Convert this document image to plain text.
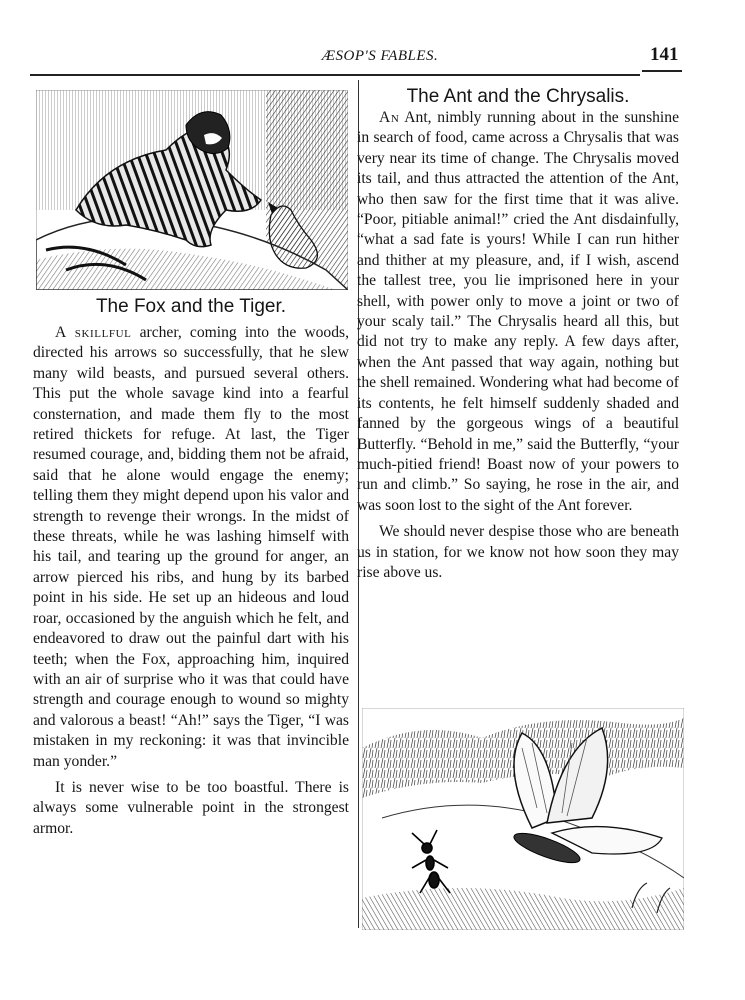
ÆSOP'S FABLES.	141
The Fox and the Tiger.

A skillful archer, coming into the woods, directed his arrows so successfully, that he slew many wild beasts, and pursued several others. This put the whole savage kind into a fearful consternation, and made them fly to the most retired thickets for refuge. At last, the Tiger resumed courage, and, bidding them not be afraid, said that he alone would engage the enemy; telling them they might depend upon his valor and strength to revenge their wrongs. In the midst of these threats, while he was lashing himself with his tail, and tearing up the ground for anger, an arrow pierced his ribs, and hung by its barbed point in his side. He set up an hideous and loud roar, occasioned by the anguish which he felt, and endeavored to draw out the painful dart with his teeth; when the Fox, approaching him, inquired with an air of surprise who it was that could have strength and courage enough to wound so mighty and valorous a beast! “Ah!” says the Tiger, “I was mistaken in my reckoning: it was that invincible man yonder.”

It is never wise to be too boastful. There is always some vulnerable point in the strongest armor.

The Ant and the Chrysalis.

An Ant, nimbly running about in the sunshine in search of food, came across a Chrysalis that was very near its time of change. The Chrysalis moved its tail, and thus attracted the attention of the Ant, who then saw for the first time that it was alive. “Poor, pitiable animal!” cried the Ant disdainfully, “what a sad fate is yours! While I can run hither and thither at my pleasure, and, if I wish, ascend the tallest tree, you lie imprisoned here in your shell, with power only to move a joint or two of your scaly tail.” The Chrysalis heard all this, but did not try to make any reply. A few days after, when the Ant passed that way again, nothing but the shell remained. Wondering what had become of its contents, he felt himself suddenly shaded and fanned by the gorgeous wings of a beautiful Butterfly. “Behold in me,” said the Butterfly, “your much-pitied friend! Boast now of your powers to run and climb.” So saying, he rose in the air, and was soon lost to the sight of the Ant forever.

We should never despise those who are beneath us in station, for we know not how soon they may rise above us.
